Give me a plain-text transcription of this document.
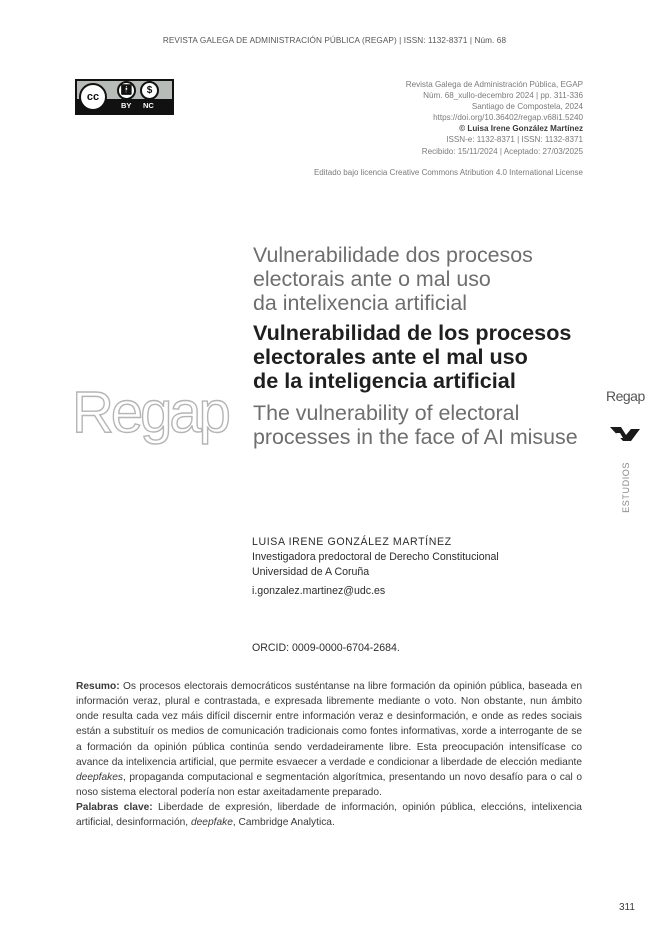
REVISTA GALEGA DE ADMINISTRACIÓN PÚBLICA (REGAP) | ISSN: 1132-8371 | Núm. 68
cc
🚹︎	$
BY NC
Revista Galega de Administración Pública, EGAP
Núm. 68_xullo-decembro 2024 | pp. 311-336
Santiago de Compostela, 2024
https://doi.org/10.36402/regap.v68i1.5240
© Luisa Irene González Martínez
ISSN-e: 1132-8371 | ISSN: 1132-8371
Recibido: 15/11/2024 | Aceptado: 27/03/2025
Editado bajo licencia Creative Commons Atribution 4.0 International License
Regap
Vulnerabilidade dos procesos
electorais ante o mal uso
da intelixencia artificial
Vulnerabilidad de los procesos
electorales ante el mal uso
de la inteligencia artificial
The vulnerability of electoral
processes in the face of AI misuse
Regap
ESTUDIOS
LUISA IRENE GONZÁLEZ MARTÍNEZ
Investigadora predoctoral de Derecho Constitucional
Universidad de A Coruña
i.gonzalez.martinez@udc.es
ORCID: 0009-0000-6704-2684.
Resumo: Os procesos electorais democráticos susténtanse na libre formación da opinión pública, baseada en información veraz, plural e contrastada, e expresada libremente mediante o voto. Non obstante, nun ámbito onde resulta cada vez máis difícil discernir entre información veraz e desinformación, e onde as redes sociais están a substituír os medios de comunicación tradicionais como fontes informativas, xorde a interrogante de se a formación da opinión pública continúa sendo verdadeiramente libre. Esta preocupación intensifícase co avance da intelixencia artificial, que permite esvaecer a verdade e condicionar a liberdade de elección mediante deepfakes, propaganda computacional e segmentación algorítmica, presentando un novo desafío para o cal o noso sistema electoral podería non estar axeitadamente preparado.
Palabras clave: Liberdade de expresión, liberdade de información, opinión pública, eleccións, intelixencia artificial, desinformación, deepfake, Cambridge Analytica.
311
